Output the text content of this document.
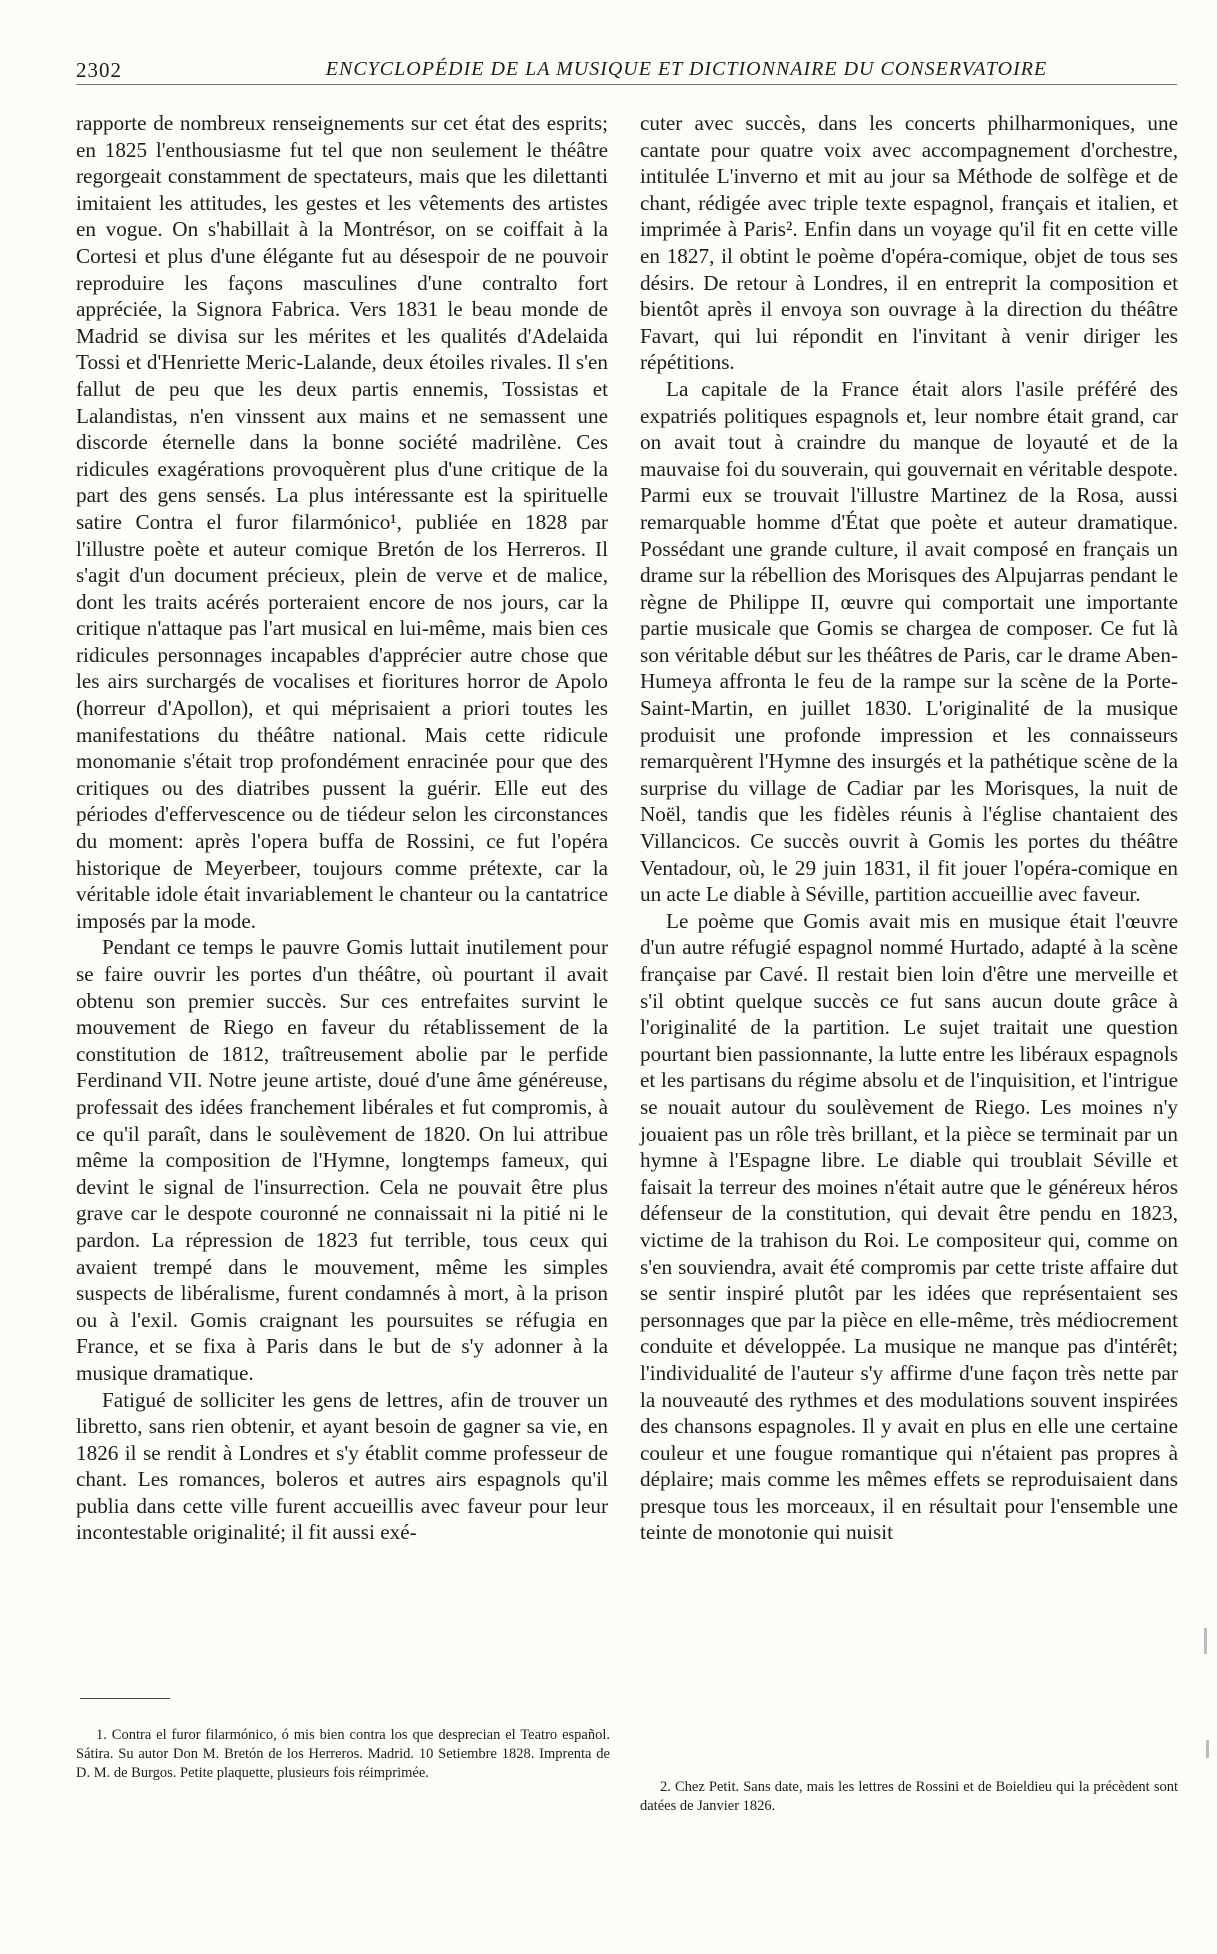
2302	ENCYCLOPÉDIE DE LA MUSIQUE ET DICTIONNAIRE DU CONSERVATOIRE

rapporte de nombreux renseignements sur cet état des esprits; en 1825 l'enthousiasme fut tel que non seulement le théâtre regorgeait constamment de spectateurs, mais que les dilettanti imitaient les attitudes, les gestes et les vêtements des artistes en vogue. On s'habillait à la Montrésor, on se coiffait à la Cortesi et plus d'une élégante fut au désespoir de ne pouvoir reproduire les façons masculines d'une contralto fort appréciée, la Signora Fabrica. Vers 1831 le beau monde de Madrid se divisa sur les mérites et les qualités d'Adelaida Tossi et d'Henriette Meric-Lalande, deux étoiles rivales. Il s'en fallut de peu que les deux partis ennemis, Tossistas et Lalandistas, n'en vinssent aux mains et ne semassent une discorde éternelle dans la bonne société madrilène. Ces ridicules exagérations provoquèrent plus d'une critique de la part des gens sensés. La plus intéressante est la spirituelle satire Contra el furor filarmónico¹, publiée en 1828 par l'illustre poète et auteur comique Bretón de los Herreros. Il s'agit d'un document précieux, plein de verve et de malice, dont les traits acérés porteraient encore de nos jours, car la critique n'attaque pas l'art musical en lui-même, mais bien ces ridicules personnages incapables d'apprécier autre chose que les airs surchargés de vocalises et fioritures horror de Apolo (horreur d'Apollon), et qui méprisaient a priori toutes les manifestations du théâtre national. Mais cette ridicule monomanie s'était trop profondément enracinée pour que des critiques ou des diatribes pussent la guérir. Elle eut des périodes d'effervescence ou de tiédeur selon les circonstances du moment: après l'opera buffa de Rossini, ce fut l'opéra historique de Meyerbeer, toujours comme prétexte, car la véritable idole était invariablement le chanteur ou la cantatrice imposés par la mode.

Pendant ce temps le pauvre Gomis luttait inutilement pour se faire ouvrir les portes d'un théâtre, où pourtant il avait obtenu son premier succès. Sur ces entrefaites survint le mouvement de Riego en faveur du rétablissement de la constitution de 1812, traîtreusement abolie par le perfide Ferdinand VII. Notre jeune artiste, doué d'une âme généreuse, professait des idées franchement libérales et fut compromis, à ce qu'il paraît, dans le soulèvement de 1820. On lui attribue même la composition de l'Hymne, longtemps fameux, qui devint le signal de l'insurrection. Cela ne pouvait être plus grave car le despote couronné ne connaissait ni la pitié ni le pardon. La répression de 1823 fut terrible, tous ceux qui avaient trempé dans le mouvement, même les simples suspects de libéralisme, furent condamnés à mort, à la prison ou à l'exil. Gomis craignant les poursuites se réfugia en France, et se fixa à Paris dans le but de s'y adonner à la musique dramatique.

Fatigué de solliciter les gens de lettres, afin de trouver un libretto, sans rien obtenir, et ayant besoin de gagner sa vie, en 1826 il se rendit à Londres et s'y établit comme professeur de chant. Les romances, boleros et autres airs espagnols qu'il publia dans cette ville furent accueillis avec faveur pour leur incontestable originalité; il fit aussi exé-

cuter avec succès, dans les concerts philharmoniques, une cantate pour quatre voix avec accompagnement d'orchestre, intitulée L'inverno et mit au jour sa Méthode de solfège et de chant, rédigée avec triple texte espagnol, français et italien, et imprimée à Paris². Enfin dans un voyage qu'il fit en cette ville en 1827, il obtint le poème d'opéra-comique, objet de tous ses désirs. De retour à Londres, il en entreprit la composition et bientôt après il envoya son ouvrage à la direction du théâtre Favart, qui lui répondit en l'invitant à venir diriger les répétitions.

La capitale de la France était alors l'asile préféré des expatriés politiques espagnols et, leur nombre était grand, car on avait tout à craindre du manque de loyauté et de la mauvaise foi du souverain, qui gouvernait en véritable despote. Parmi eux se trouvait l'illustre Martinez de la Rosa, aussi remarquable homme d'État que poète et auteur dramatique. Possédant une grande culture, il avait composé en français un drame sur la rébellion des Morisques des Alpujarras pendant le règne de Philippe II, œuvre qui comportait une importante partie musicale que Gomis se chargea de composer. Ce fut là son véritable début sur les théâtres de Paris, car le drame Aben-Humeya affronta le feu de la rampe sur la scène de la Porte-Saint-Martin, en juillet 1830. L'originalité de la musique produisit une profonde impression et les connaisseurs remarquèrent l'Hymne des insurgés et la pathétique scène de la surprise du village de Cadiar par les Morisques, la nuit de Noël, tandis que les fidèles réunis à l'église chantaient des Villancicos. Ce succès ouvrit à Gomis les portes du théâtre Ventadour, où, le 29 juin 1831, il fit jouer l'opéra-comique en un acte Le diable à Séville, partition accueillie avec faveur.

Le poème que Gomis avait mis en musique était l'œuvre d'un autre réfugié espagnol nommé Hurtado, adapté à la scène française par Cavé. Il restait bien loin d'être une merveille et s'il obtint quelque succès ce fut sans aucun doute grâce à l'originalité de la partition. Le sujet traitait une question pourtant bien passionnante, la lutte entre les libéraux espagnols et les partisans du régime absolu et de l'inquisition, et l'intrigue se nouait autour du soulèvement de Riego. Les moines n'y jouaient pas un rôle très brillant, et la pièce se terminait par un hymne à l'Espagne libre. Le diable qui troublait Séville et faisait la terreur des moines n'était autre que le généreux héros défenseur de la constitution, qui devait être pendu en 1823, victime de la trahison du Roi. Le compositeur qui, comme on s'en souviendra, avait été compromis par cette triste affaire dut se sentir inspiré plutôt par les idées que représentaient ses personnages que par la pièce en elle-même, très médiocrement conduite et développée. La musique ne manque pas d'intérêt; l'individualité de l'auteur s'y affirme d'une façon très nette par la nouveauté des rythmes et des modulations souvent inspirées des chansons espagnoles. Il y avait en plus en elle une certaine couleur et une fougue romantique qui n'étaient pas propres à déplaire; mais comme les mêmes effets se reproduisaient dans presque tous les morceaux, il en résultait pour l'ensemble une teinte de monotonie qui nuisit

1. Contra el furor filarmónico, ó mis bien contra los que desprecian el Teatro español. Sátira. Su autor Don M. Bretón de los Herreros. Madrid. 10 Setiembre 1828. Imprenta de D. M. de Burgos. Petite plaquette, plusieurs fois réimprimée.

2. Chez Petit. Sans date, mais les lettres de Rossini et de Boieldieu qui la précèdent sont datées de Janvier 1826.
